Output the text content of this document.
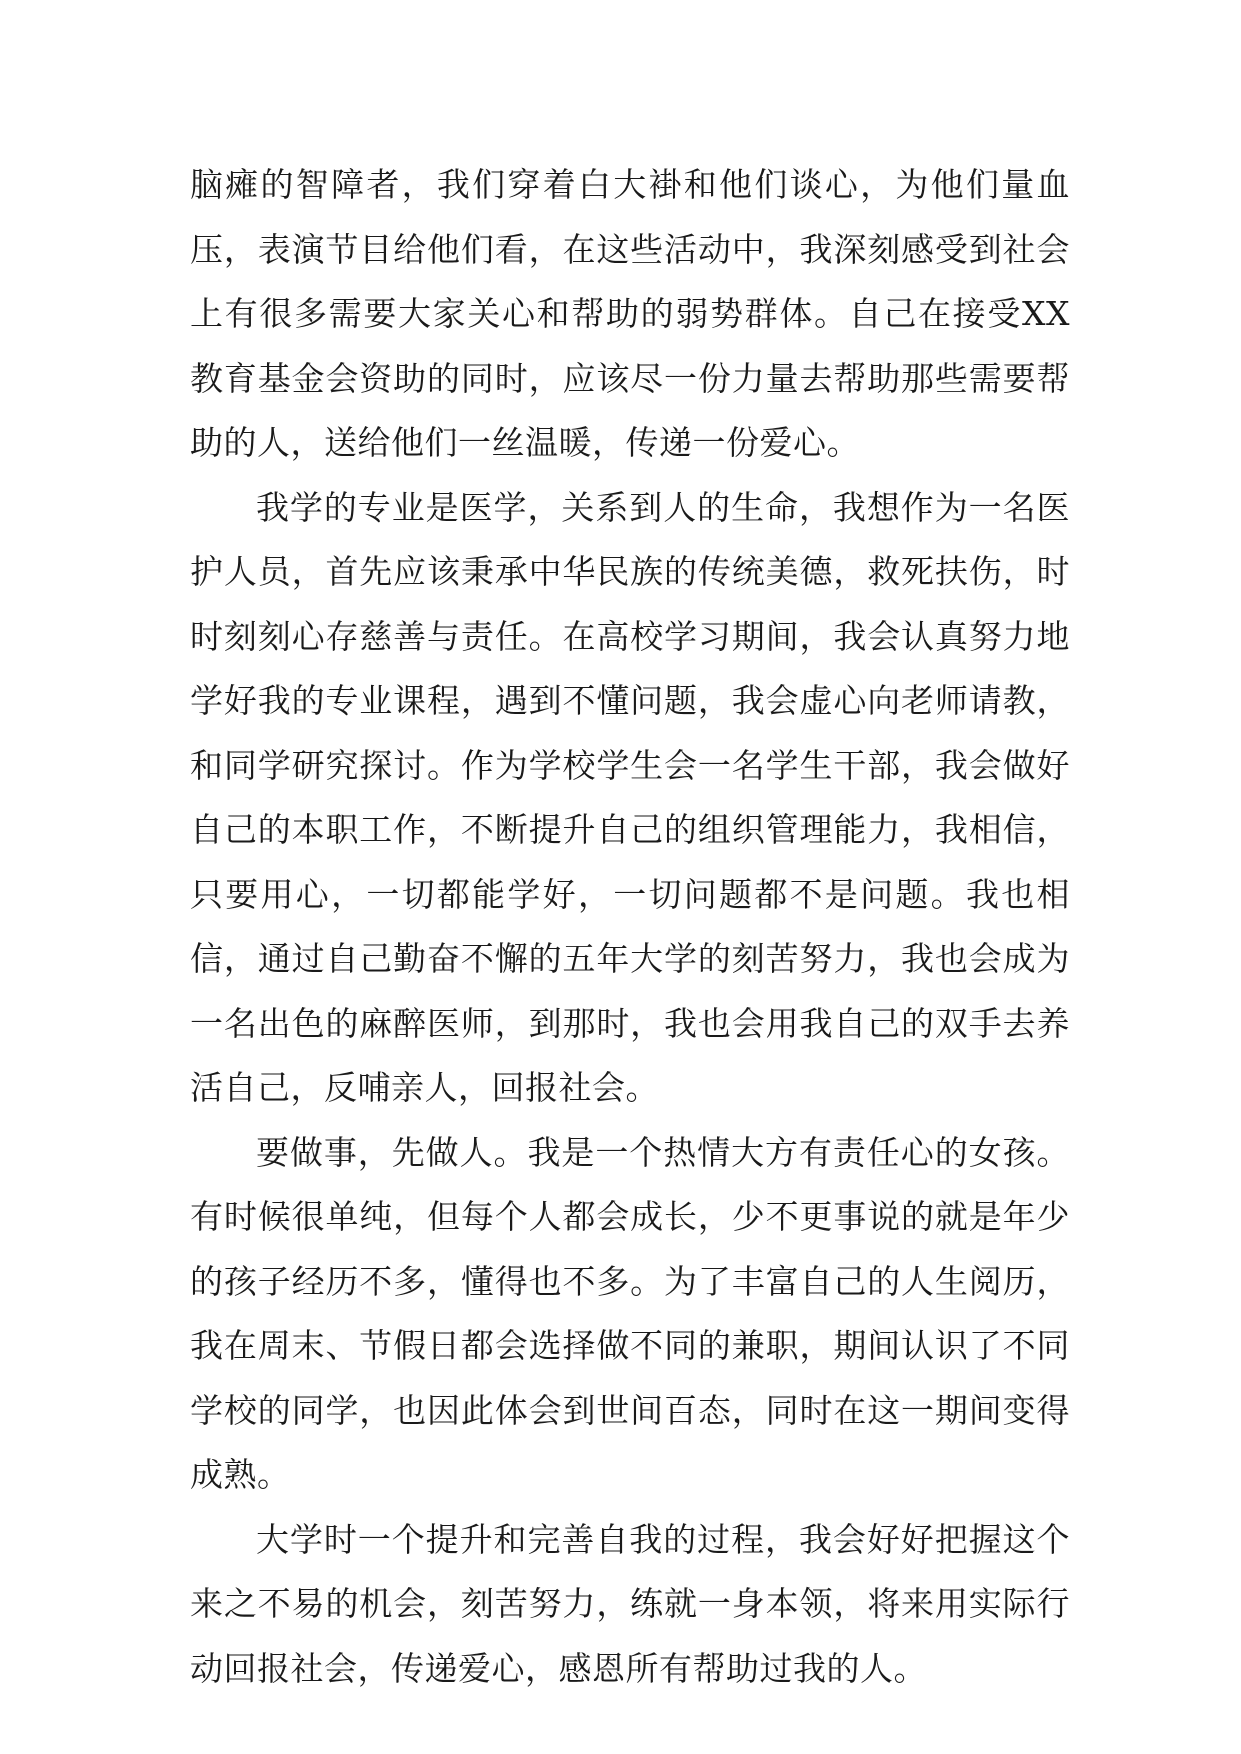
脑瘫的智障者，我们穿着白大褂和他们谈心，为他们量血压，表演节目给他们看，在这些活动中，我深刻感受到社会上有很多需要大家关心和帮助的弱势群体。自己在接受XX教育基金会资助的同时，应该尽一份力量去帮助那些需要帮助的人，送给他们一丝温暖，传递一份爱心。

我学的专业是医学，关系到人的生命，我想作为一名医护人员，首先应该秉承中华民族的传统美德，救死扶伤，时时刻刻心存慈善与责任。在高校学习期间，我会认真努力地学好我的专业课程，遇到不懂问题，我会虚心向老师请教，和同学研究探讨。作为学校学生会一名学生干部，我会做好自己的本职工作，不断提升自己的组织管理能力，我相信，只要用心，一切都能学好，一切问题都不是问题。我也相信，通过自己勤奋不懈的五年大学的刻苦努力，我也会成为一名出色的麻醉医师，到那时，我也会用我自己的双手去养活自己，反哺亲人，回报社会。

要做事，先做人。我是一个热情大方有责任心的女孩。有时候很单纯，但每个人都会成长，少不更事说的就是年少的孩子经历不多，懂得也不多。为了丰富自己的人生阅历，我在周末、节假日都会选择做不同的兼职，期间认识了不同学校的同学，也因此体会到世间百态，同时在这一期间变得成熟。

大学时一个提升和完善自我的过程，我会好好把握这个来之不易的机会，刻苦努力，练就一身本领，将来用实际行动回报社会，传递爱心，感恩所有帮助过我的人。
